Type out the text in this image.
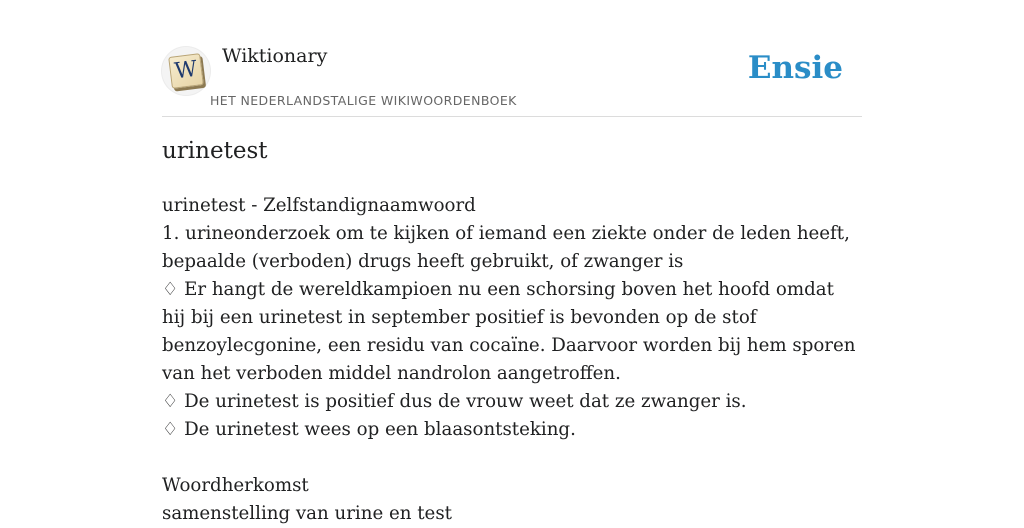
W
Wiktionary
HET NEDERLANDSTALIGE WIKIWOORDENBOEK
Ensie
urinetest

urinetest - Zelfstandignaamwoord

1. urineonderzoek om te kijken of iemand een ziekte onder de leden heeft, bepaalde (verboden) drugs heeft gebruikt, of zwanger is

♢ Er hangt de wereldkampioen nu een schorsing boven het hoofd omdat hij bij een urinetest in september positief is bevonden op de stof benzoylecgonine, een residu van cocaïne. Daarvoor worden bij hem sporen van het verboden middel nandrolon aangetroffen.

♢ De urinetest is positief dus de vrouw weet dat ze zwanger is.

♢ De urinetest wees op een blaasontsteking.

Woordherkomst

samenstelling van urine en test
